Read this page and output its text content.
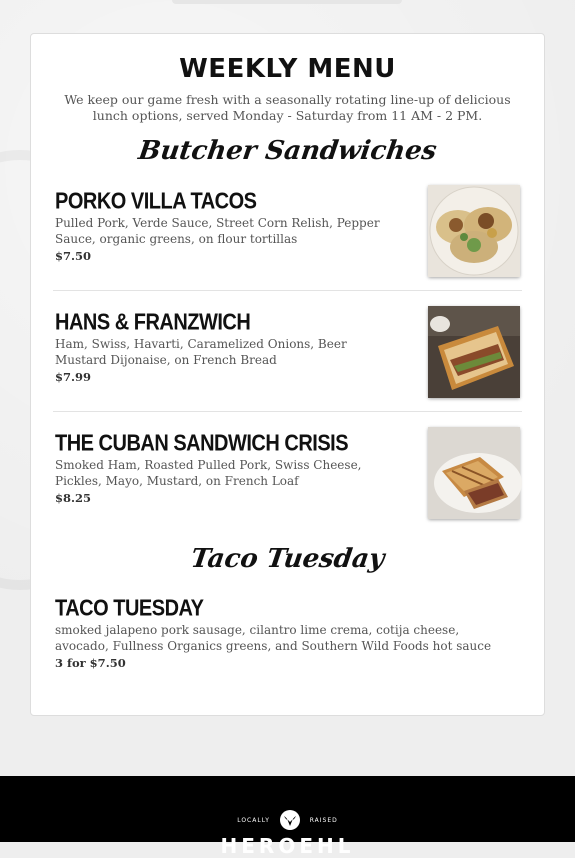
WEEKLY MENU
We keep our game fresh with a seasonally rotating line-up of delicious lunch options, served Monday - Saturday from 11 AM - 2 PM.
Butcher Sandwiches
PORKO VILLA TACOS
Pulled Pork, Verde Sauce, Street Corn Relish, Pepper Sauce, organic greens, on flour tortillas
$7.50
HANS & FRANZWICH
Ham, Swiss, Havarti, Caramelized Onions, Beer Mustard Dijonaise, on French Bread
$7.99
THE CUBAN SANDWICH CRISIS
Smoked Ham, Roasted Pulled Pork, Swiss Cheese, Pickles, Mayo, Mustard, on French Loaf
$8.25
Taco Tuesday
TACO TUESDAY
smoked jalapeno pork sausage, cilantro lime crema, cotija cheese, avocado, Fullness Organics greens, and Southern Wild Foods hot sauce
3 for $7.50
LOCALLY	RAISED
HEROEHL
